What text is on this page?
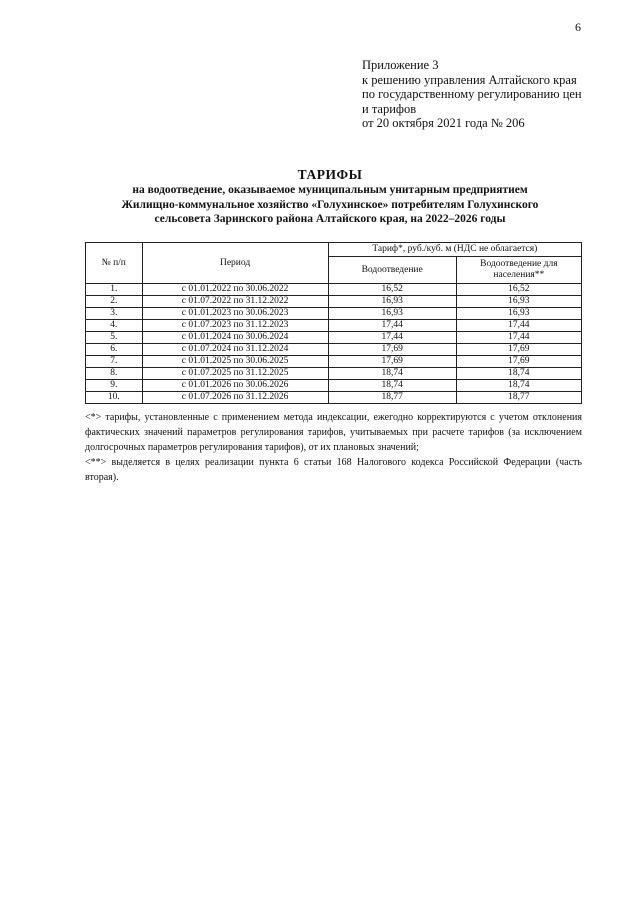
6
Приложение 3
к решению управления Алтайского края
по государственному регулированию цен
и тарифов
от 20 октября 2021 года № 206
ТАРИФЫ
на водоотведение, оказываемое муниципальным унитарным предприятием
Жилищно-коммунальное хозяйство «Голухинское» потребителям Голухинского
сельсовета Заринского района Алтайского края, на 2022–2026 годы
№ п/п	Период	Тариф*, руб./куб. м (НДС не облагается)	
		Водоотведение	Водоотведение для населения**
1.	с 01.01.2022 по 30.06.2022	16,52	16,52
2.	с 01.07.2022 по 31.12.2022	16,93	16,93
3.	с 01.01.2023 по 30.06.2023	16,93	16,93
4.	с 01.07.2023 по 31.12.2023	17,44	17,44
5.	с 01.01.2024 по 30.06.2024	17,44	17,44
6.	с 01.07.2024 по 31.12.2024	17,69	17,69
7.	с 01.01.2025 по 30.06.2025	17,69	17,69
8.	с 01.07.2025 по 31.12.2025	18,74	18,74
9.	с 01.01.2026 по 30.06.2026	18,74	18,74
10.	с 01.07.2026 по 31.12.2026	18,77	18,77

<*> тарифы, установленные с применением метода индексации, ежегодно корректируются с учетом отклонения фактических значений параметров регулирования тарифов, учитываемых при расчете тарифов (за исключением долгосрочных параметров регулирования тарифов), от их плановых значений;

<**> выделяется в целях реализации пункта 6 статьи 168 Налогового кодекса Российской Федерации (часть вторая).
